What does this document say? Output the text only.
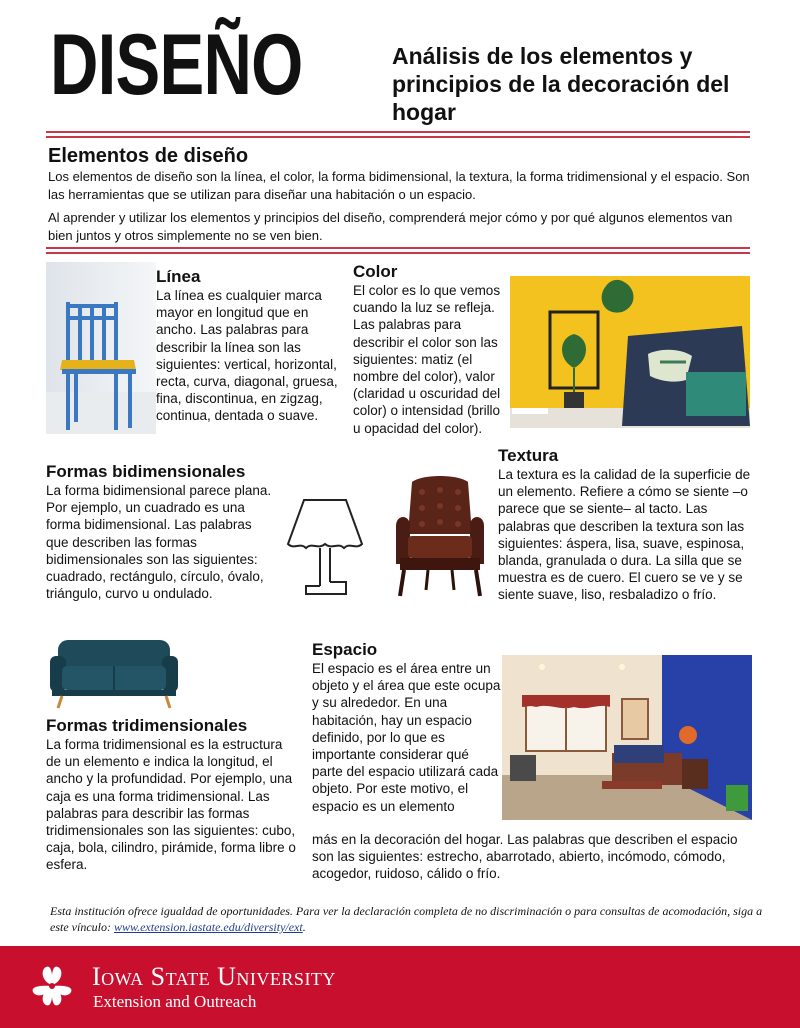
DISEÑO	Análisis de los elementos y principios de la decoración del hogar
Elementos de diseño

Los elementos de diseño son la línea, el color, la forma bidimensional, la textura, la forma tridimensional y el espacio. Son las herramientas que se utilizan para diseñar una habitación o un espacio.

Al aprender y utilizar los elementos y principios del diseño, comprenderá mejor cómo y por qué algunos elementos van bien juntos y otros simplemente no se ven bien.

Línea

La línea es cualquier marca mayor en longitud que en ancho. Las palabras para describir la línea son las siguientes: vertical, horizontal, recta, curva, diagonal, gruesa, fina, discontinua, en zigzag, continua, dentada o suave.

Color

El color es lo que vemos cuando la luz se refleja. Las palabras para describir el color son las siguientes: matiz (el nombre del color), valor (claridad u oscuridad del color) o intensidad (brillo u opacidad del color).

Formas bidimensionales

La forma bidimensional parece plana. Por ejemplo, un cuadrado es una forma bidimensional. Las palabras que describen las formas bidimensionales son las siguientes: cuadrado, rectángulo, círculo, óvalo, triángulo, curvo u ondulado.

Textura

La textura es la calidad de la superficie de un elemento. Refiere a cómo se siente –o parece que se siente– al tacto. Las palabras que describen la textura son las siguientes: áspera, lisa, suave, espinosa, blanda, granulada o dura. La silla que se muestra es de cuero. El cuero se ve y se siente suave, liso, resbaladizo o frío.

Formas tridimensionales

La forma tridimensional es la estructura de un elemento e indica la longitud, el ancho y la profundidad. Por ejemplo, una caja es una forma tridimensional. Las palabras para describir las formas tridimensionales son las siguientes: cubo, caja, bola, cilindro, pirámide, forma libre o esfera.

Espacio

El espacio es el área entre un objeto y el área que este ocupa y su alrededor. En una habitación, hay un espacio definido, por lo que es importante considerar qué parte del espacio utilizará cada objeto. Por este motivo, el espacio es un elemento

más en la decoración del hogar. Las palabras que describen el espacio son las siguientes: estrecho, abarrotado, abierto, incómodo, cómodo, acogedor, ruidoso, cálido o frío.

Esta institución ofrece igualdad de oportunidades. Para ver la declaración completa de no discriminación o para consultas de acomodación, siga a este vínculo: www.extension.iastate.edu/diversity/ext.
Iowa State University
Extension and Outreach
